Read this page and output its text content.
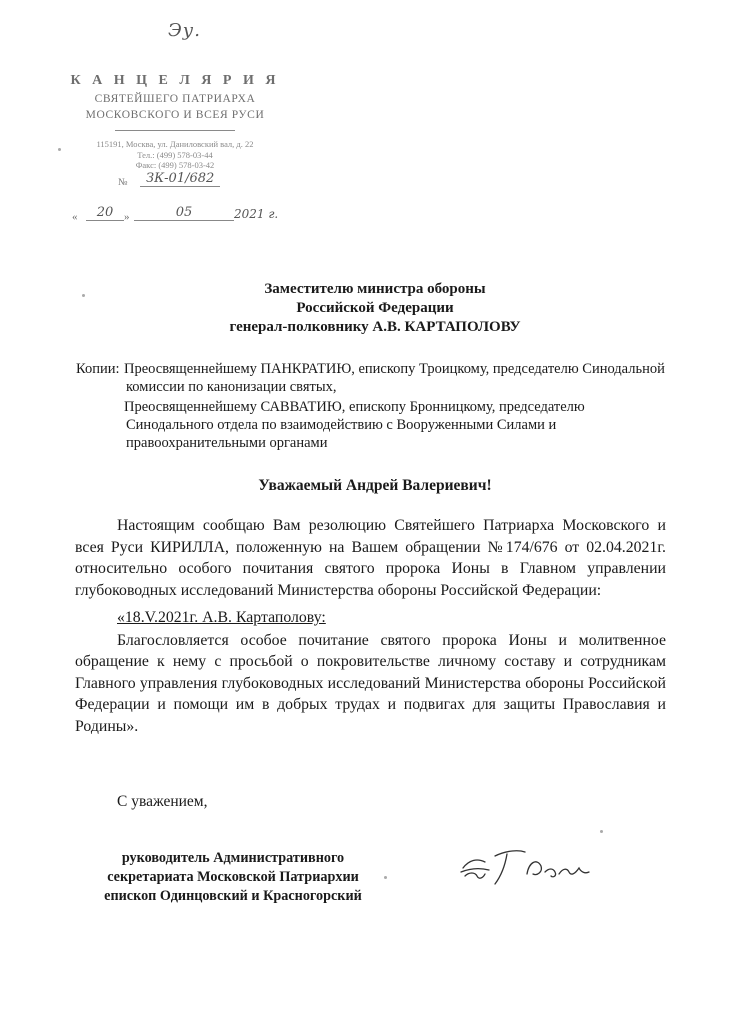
Эу.
К А Н Ц Е Л Я Р И Я
СВЯТЕЙШЕГО ПАТРИАРХА
МОСКОВСКОГО И ВСЕЯ РУСИ
115191, Москва, ул. Даниловский вал, д. 22
Тел.: (499) 578-03-44
Факс: (499) 578-03-42
№	ЗК-01/682
«	20 »	05	2021 г.
Заместителю министра обороны
Российской Федерации
генерал-полковнику А.В. КАРТАПОЛОВУ
Копии: Преосвященнейшему ПАНКРАТИЮ, епископу Троицкому, председателю Синодальной комиссии по канонизации святых,
Преосвященнейшему САВВАТИЮ, епископу Бронницкому, председателю Синодального отдела по взаимодействию с Вооруженными Силами и правоохранительными органами
Уважаемый Андрей Валериевич!

Настоящим сообщаю Вам резолюцию Святейшего Патриарха Московского и всея Руси КИРИЛЛА, положенную на Вашем обращении №174/676 от 02.04.2021г. относительно особого почитания святого пророка Ионы в Главном управлении глубоководных исследований Министерства обороны Российской Федерации:

«18.V.2021г. А.В. Картаполову:

Благословляется особое почитание святого пророка Ионы и молитвенное обращение к нему с просьбой о покровительстве личному составу и сотрудникам Главного управления глубоководных исследований Министерства обороны Российской Федерации и помощи им в добрых трудах и подвигах для защиты Православия и Родины».

С уважением,
руководитель Административного
секретариата Московской Патриархии
епископ Одинцовский и Красногорский
